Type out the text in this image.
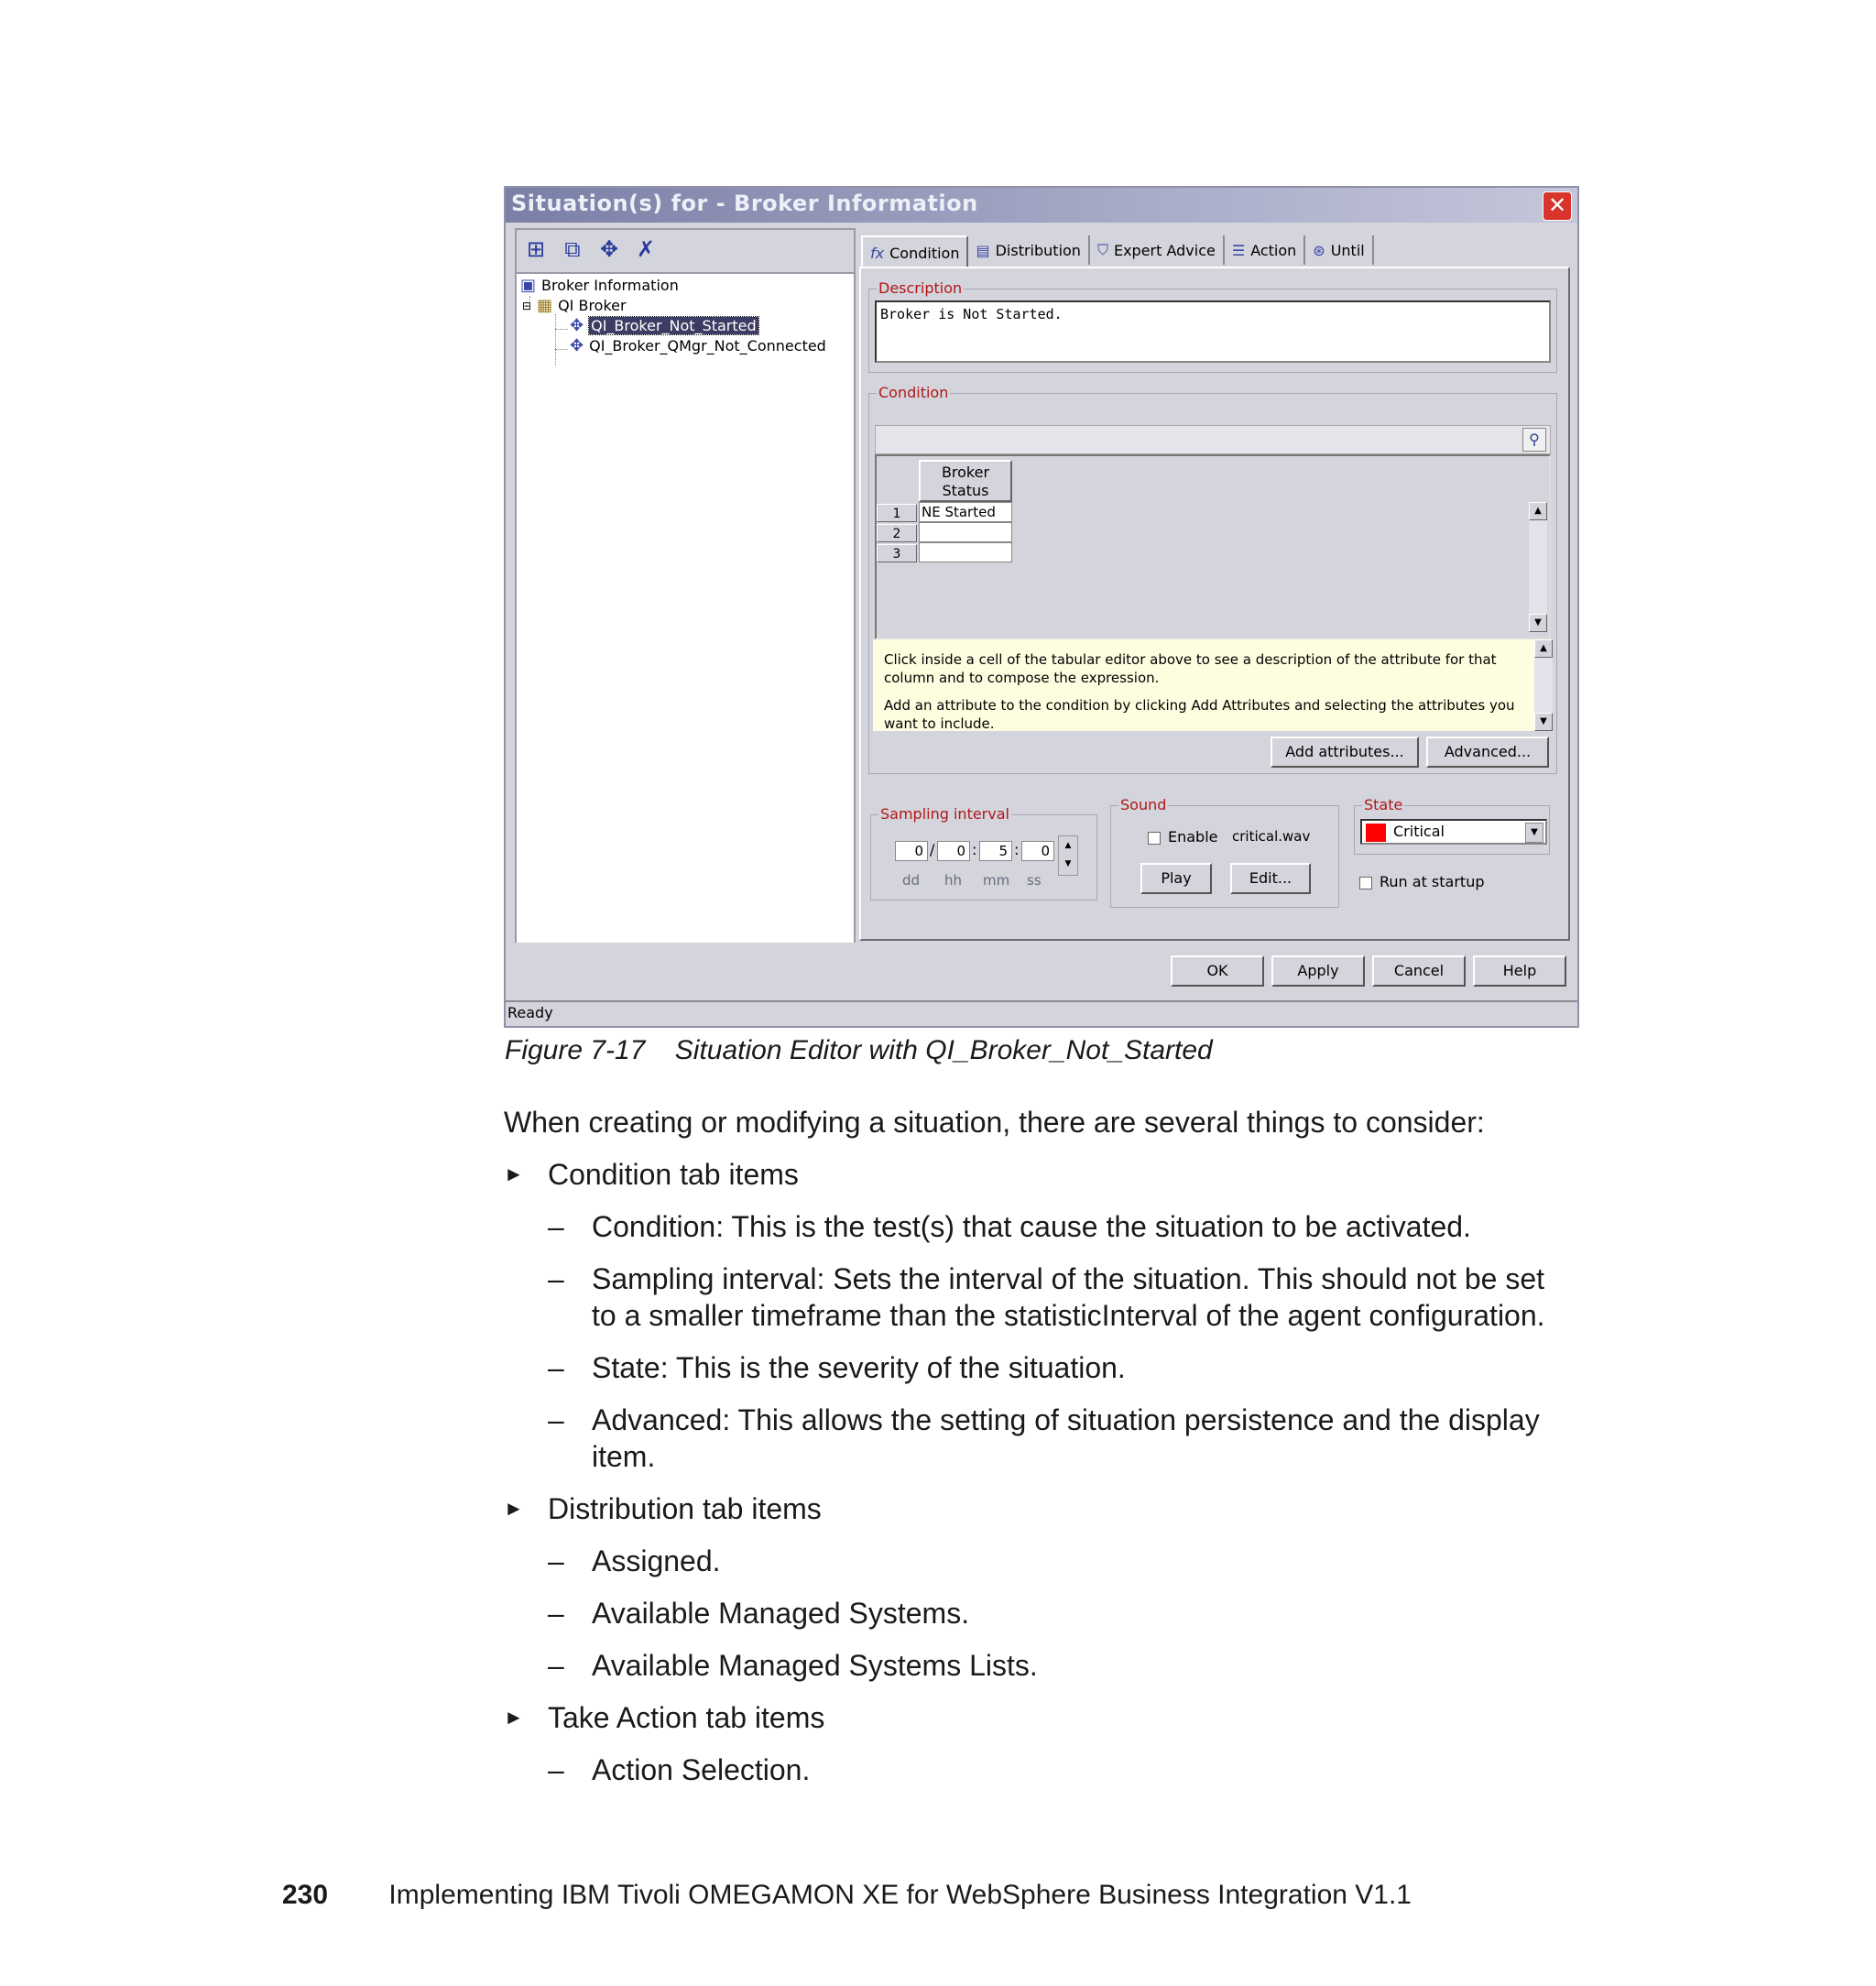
Situation(s) for - Broker Information	✕
⊞ ⧉ ✥ ✗
▣ Broker Information
⊟ ▦ QI Broker
✥ QI_Broker_Not_Started
✥ QI_Broker_QMgr_Not_Connected
fx Condition ▤ Distribution ⛉ Expert Advice ☰ Action ⊛ Until
Description
Broker is Not Started.
Condition
⚲
Broker
Status
1	NE Started
2
3
▲
▼

Click inside a cell of the tabular editor above to see a description of the attribute for that column and to compose the expression.

Add an attribute to the condition by clicking Add Attributes and selecting the attributes you want to include.

▲
▼
Add attributes...	Advanced...
Sampling interval
0 /	0 :	5 :	0	▲
▼
dd hh mm ss
Sound
Enable critical.wav
Play	Edit...
State
Critical	▼
Run at startup
OK	Apply	Cancel	Help
Ready
Figure 7-17 Situation Editor with QI_Broker_Not_Started
When creating or modifying a situation, there are several things to consider:
► Condition tab items
– Condition: This is the test(s) that cause the situation to be activated.
– Sampling interval: Sets the interval of the situation. This should not be set
to a smaller timeframe than the statisticInterval of the agent configuration.
– State: This is the severity of the situation.
– Advanced: This allows the setting of situation persistence and the display
item.
► Distribution tab items
– Assigned.
– Available Managed Systems.
– Available Managed Systems Lists.
► Take Action tab items
– Action Selection.
230 Implementing IBM Tivoli OMEGAMON XE for WebSphere Business Integration V1.1
